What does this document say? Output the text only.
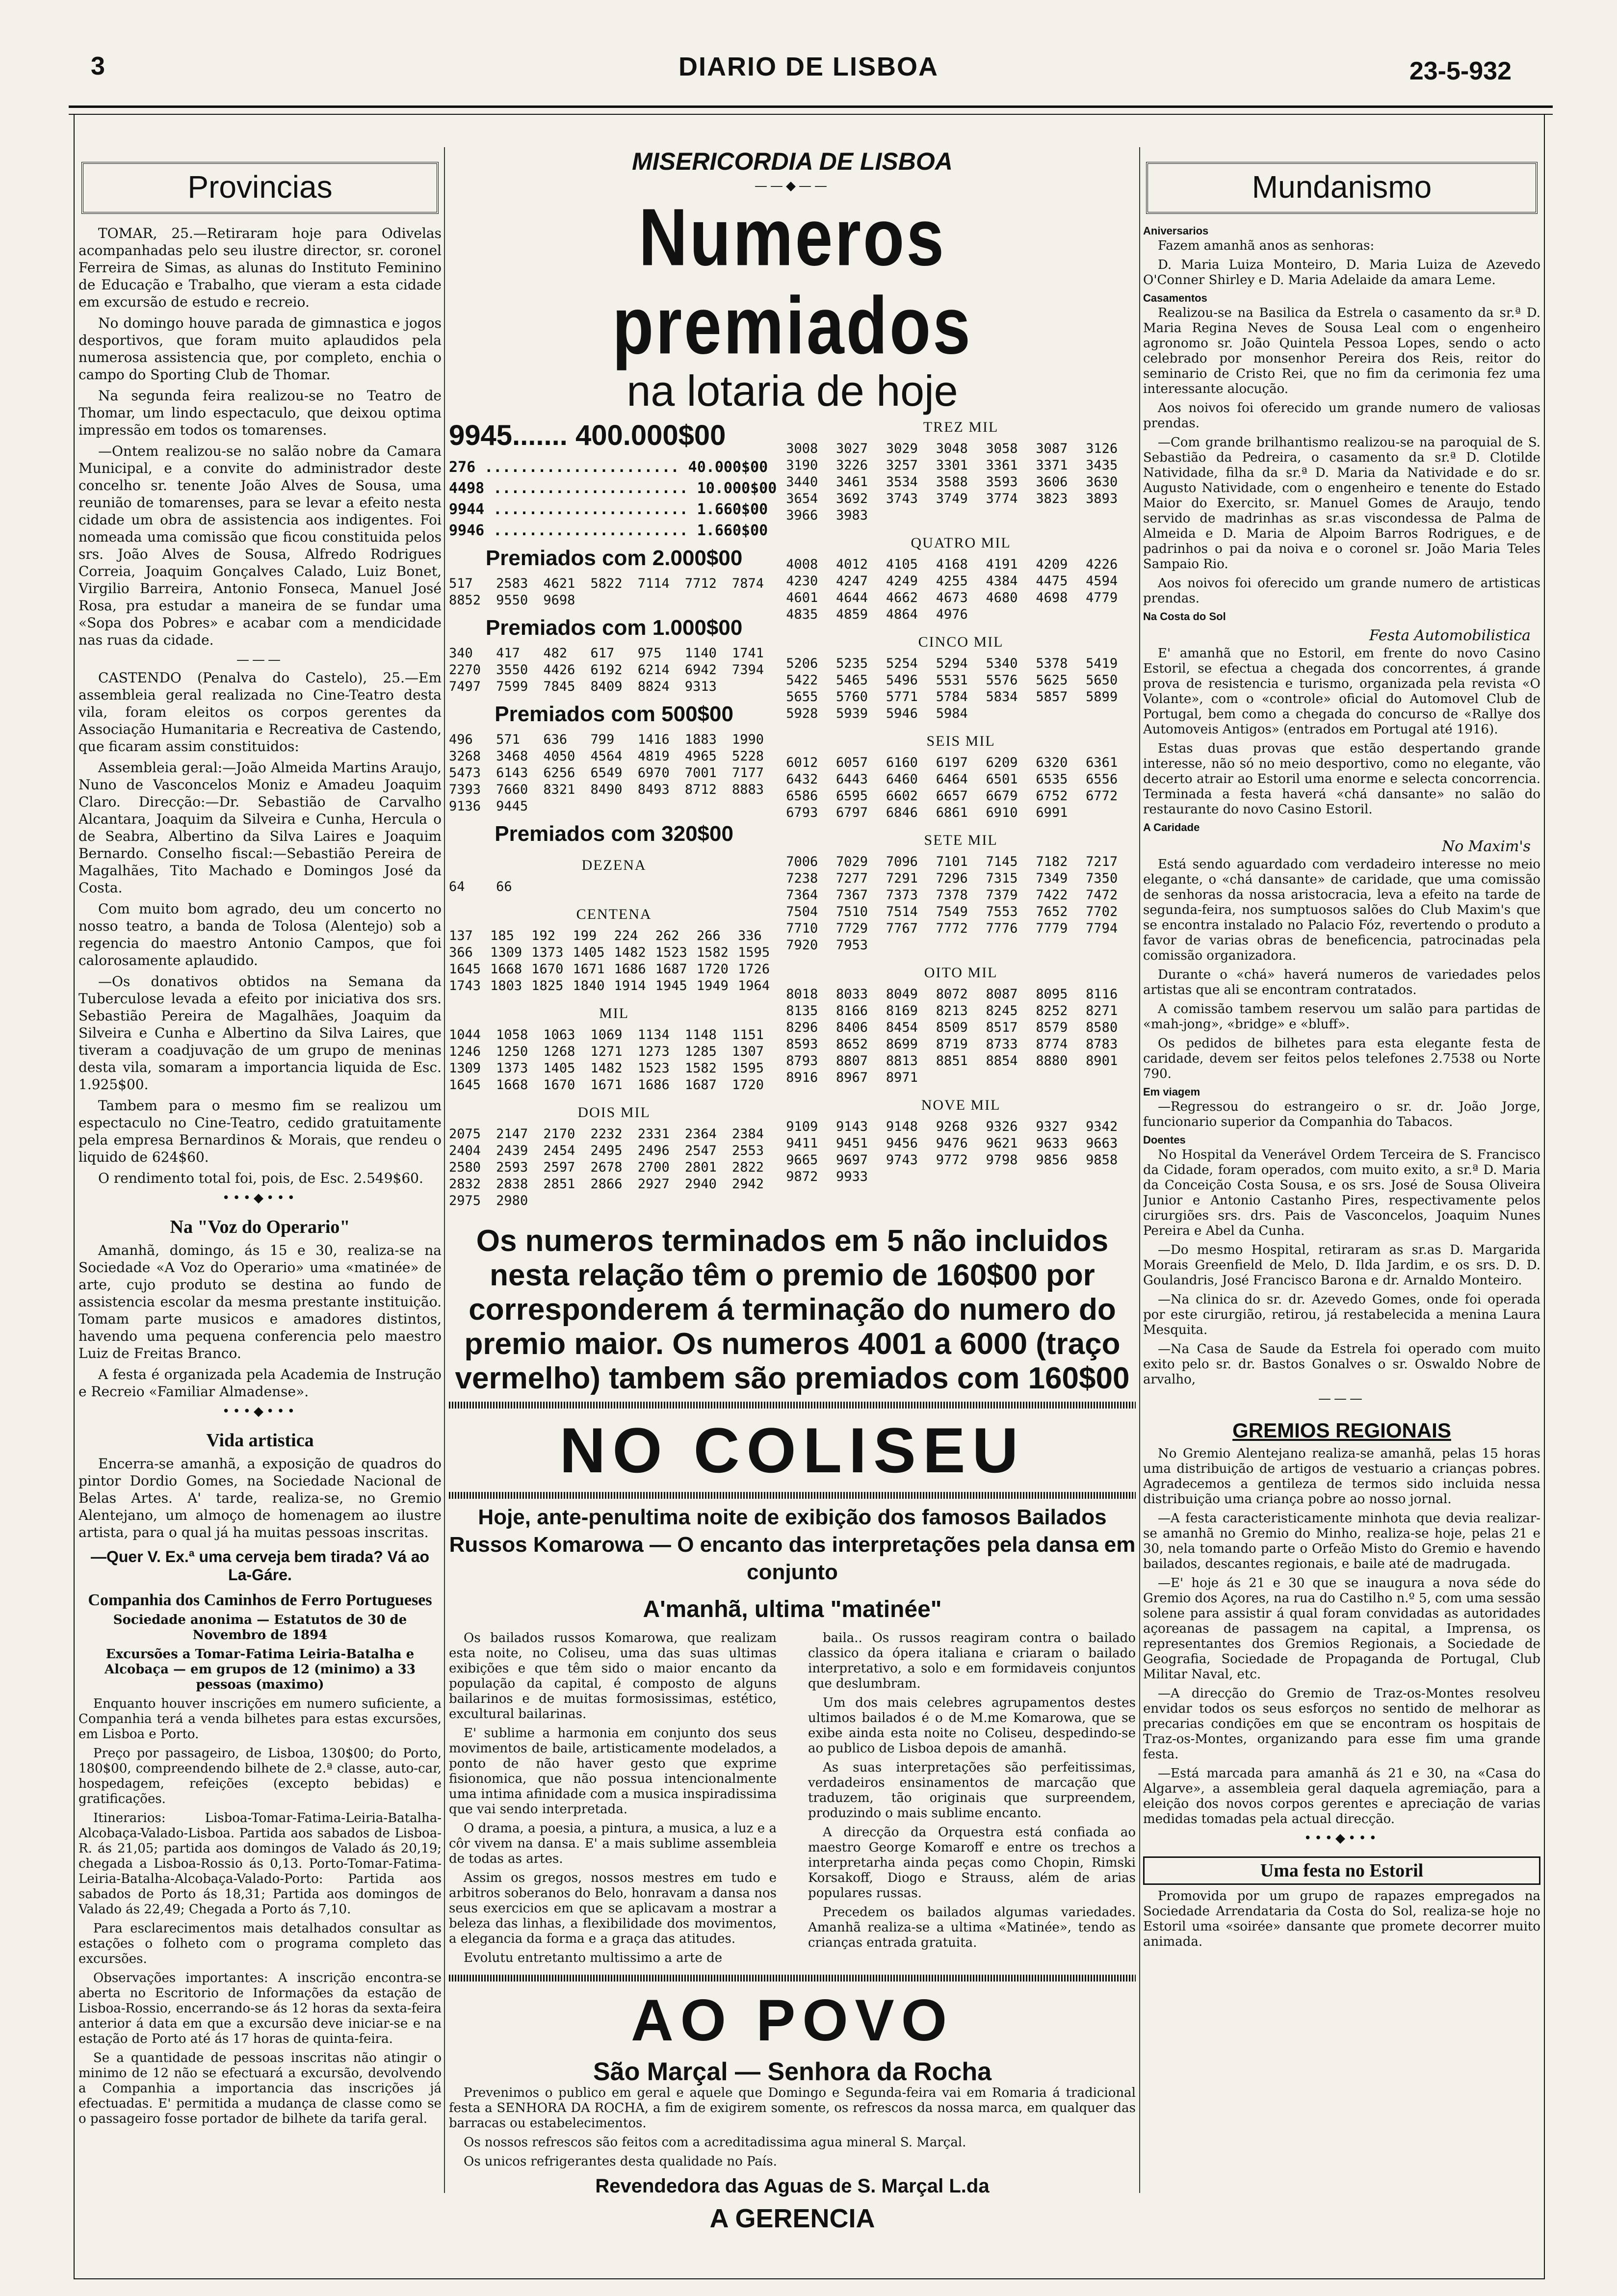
3	DIARIO DE LISBOA	23-5-932
Provincias

TOMAR, 25.—Retiraram hoje para Odivelas acompanhadas pelo seu ilustre director, sr. coronel Ferreira de Simas, as alunas do Instituto Feminino de Educação e Trabalho, que vieram a esta cidade em excursão de estudo e recreio.

No domingo houve parada de gimnastica e jogos desportivos, que foram muito aplaudidos pela numerosa assistencia que, por completo, enchia o campo do Sporting Club de Thomar.

Na segunda feira realizou-se no Teatro de Thomar, um lindo espectaculo, que deixou optima impressão em todos os tomarenses.

—Ontem realizou-se no salão nobre da Camara Municipal, e a convite do administrador deste concelho sr. tenente João Alves de Sousa, uma reunião de tomarenses, para se levar a efeito nesta cidade um obra de assistencia aos indigentes. Foi nomeada uma comissão que ficou constituida pelos srs. João Alves de Sousa, Alfredo Rodrigues Correia, Joaquim Gonçalves Calado, Luiz Bonet, Virgilio Barreira, Antonio Fonseca, Manuel José Rosa, pra estudar a maneira de se fundar uma «Sopa dos Pobres» e acabar com a mendicidade nas ruas da cidade.

———

CASTENDO (Penalva do Castelo), 25.—Em assembleia geral realizada no Cine-Teatro desta vila, foram eleitos os corpos gerentes da Associação Humanitaria e Recreativa de Castendo, que ficaram assim constituidos:

Assembleia geral:—João Almeida Martins Araujo, Nuno de Vasconcelos Moniz e Amadeu Joaquim Claro. Direcção:—Dr. Sebastião de Carvalho Alcantara, Joaquim da Silveira e Cunha, Hercula o de Seabra, Albertino da Silva Laires e Joaquim Bernardo. Conselho fiscal:—Sebastião Pereira de Magalhães, Tito Machado e Domingos José da Costa.

Com muito bom agrado, deu um concerto no nosso teatro, a banda de Tolosa (Alentejo) sob a regencia do maestro Antonio Campos, que foi calorosamente aplaudido.

—Os donativos obtidos na Semana da Tuberculose levada a efeito por iniciativa dos srs. Sebastião Pereira de Magalhães, Joaquim da Silveira e Cunha e Albertino da Silva Laires, que tiveram a coadjuvação de um grupo de meninas desta vila, somaram a importancia liquida de Esc. 1.925$00.

Tambem para o mesmo fim se realizou um espectaculo no Cine-Teatro, cedido gratuitamente pela empresa Bernardinos & Morais, que rendeu o liquido de 624$60.

O rendimento total foi, pois, de Esc. 2.549$60.

•••◆•••
Na "Voz do Operario"

Amanhã, domingo, ás 15 e 30, realiza-se na Sociedade «A Voz do Operario» uma «matinée» de arte, cujo produto se destina ao fundo de assistencia escolar da mesma prestante instituição. Tomam parte musicos e amadores distintos, havendo uma pequena conferencia pelo maestro Luiz de Freitas Branco.

A festa é organizada pela Academia de Instrução e Recreio «Familiar Almadense».

•••◆•••
Vida artistica

Encerra-se amanhã, a exposição de quadros do pintor Dordio Gomes, na Sociedade Nacional de Belas Artes. A' tarde, realiza-se, no Gremio Alentejano, um almoço de homenagem ao ilustre artista, para o qual já ha muitas pessoas inscritas.

—Quer V. Ex.ª uma cerveja bem tirada? Vá ao La-Gáre.
Companhia dos Caminhos de Ferro Portugueses

Sociedade anonima — Estatutos de 30 de Novembro de 1894

Excursões a Tomar-Fatima Leiria-Batalha e Alcobaça — em grupos de 12 (minimo) a 33 pessoas (maximo)

Enquanto houver inscrições em numero suficiente, a Companhia terá a venda bilhetes para estas excursões, em Lisboa e Porto.

Preço por passageiro, de Lisboa, 130$00; do Porto, 180$00, compreendendo bilhete de 2.ª classe, auto-car, hospedagem, refeições (excepto bebidas) e gratificações.

Itinerarios: Lisboa-Tomar-Fatima-Leiria-Batalha-Alcobaça-Valado-Lisboa. Partida aos sabados de Lisboa-R. ás 21,05; partida aos domingos de Valado ás 20,19; chegada a Lisboa-Rossio ás 0,13. Porto-Tomar-Fatima-Leiria-Batalha-Alcobaça-Valado-Porto: Partida aos sabados de Porto ás 18,31; Partida aos domingos de Valado ás 22,49; Chegada a Porto ás 7,10.

Para esclarecimentos mais detalhados consultar as estações o folheto com o programa completo das excursões.

Observações importantes: A inscrição encontra-se aberta no Escritorio de Informações da estação de Lisboa-Rossio, encerrando-se ás 12 horas da sexta-feira anterior á data em que a excursão deve iniciar-se e na estação de Porto até ás 17 horas de quinta-feira.

Se a quantidade de pessoas inscritas não atingir o minimo de 12 não se efectuará a excursão, devolvendo a Companhia a importancia das inscrições já efectuadas. E' permitida a mudança de classe como se o passageiro fosse portador de bilhete da tarifa geral.

MISERICORDIA DE LISBOA
——◆——
Numeros premiados
na lotaria de hoje
9945....... 400.000$00
276 ...................... 40.000$00
4498 ...................... 10.000$00
9944 ...................... 1.660$00
9946 ...................... 1.660$00
Premiados com 2.000$00
517	2583	4621	5822	7114	7712	7874
8852	9550	9698
Premiados com 1.000$00
340	417	482	617	975	1140	1741
2270	3550	4426	6192	6214	6942	7394
7497	7599	7845	8409	8824	9313
Premiados com 500$00
496	571	636	799	1416	1883	1990
3268	3468	4050	4564	4819	4965	5228
5473	6143	6256	6549	6970	7001	7177
7393	7660	8321	8490	8493	8712	8883
9136	9445
Premiados com 320$00
DEZENA
64	66
CENTENA
137	185	192	199	224	262	266	336
366	1309 1373 1405 1482 1523 1582 1595
1645 1668 1670 1671 1686 1687 1720 1726
1743 1803 1825 1840 1914 1945 1949 1964
MIL
1044	1058	1063	1069	1134	1148	1151
1246	1250	1268	1271	1273	1285	1307
1309	1373	1405	1482	1523	1582	1595
1645	1668	1670	1671	1686	1687	1720
DOIS MIL
2075	2147	2170	2232	2331	2364	2384
2404	2439	2454	2495	2496	2547	2553
2580	2593	2597	2678	2700	2801	2822
2832	2838	2851	2866	2927	2940	2942
2975	2980
TREZ MIL
3008	3027	3029	3048	3058	3087	3126
3190	3226	3257	3301	3361	3371	3435
3440	3461	3534	3588	3593	3606	3630
3654	3692	3743	3749	3774	3823	3893
3966	3983
QUATRO MIL
4008	4012	4105	4168	4191	4209	4226
4230	4247	4249	4255	4384	4475	4594
4601	4644	4662	4673	4680	4698	4779
4835	4859	4864	4976
CINCO MIL
5206	5235	5254	5294	5340	5378	5419
5422	5465	5496	5531	5576	5625	5650
5655	5760	5771	5784	5834	5857	5899
5928	5939	5946	5984
SEIS MIL
6012	6057	6160	6197	6209	6320	6361
6432	6443	6460	6464	6501	6535	6556
6586	6595	6602	6657	6679	6752	6772
6793	6797	6846	6861	6910	6991
SETE MIL
7006	7029	7096	7101	7145	7182	7217
7238	7277	7291	7296	7315	7349	7350
7364	7367	7373	7378	7379	7422	7472
7504	7510	7514	7549	7553	7652	7702
7710	7729	7767	7772	7776	7779	7794
7920	7953
OITO MIL
8018	8033	8049	8072	8087	8095	8116
8135	8166	8169	8213	8245	8252	8271
8296	8406	8454	8509	8517	8579	8580
8593	8652	8699	8719	8733	8774	8783
8793	8807	8813	8851	8854	8880	8901
8916	8967	8971
NOVE MIL
9109	9143	9148	9268	9326	9327	9342
9411	9451	9456	9476	9621	9633	9663
9665	9697	9743	9772	9798	9856	9858
9872	9933
Os numeros terminados em 5 não incluidos nesta relação têm o premio de 160$00 por corresponderem á terminação do numero do premio maior. Os numeros 4001 a 6000 (traço vermelho) tambem são premiados com 160$00
NO COLISEU
Hoje, ante-penultima noite de exibição dos famosos Bailados Russos Komarowa — O encanto das interpretações pela dansa em conjunto
A'manhã, ultima "matinée"

Os bailados russos Komarowa, que realizam esta noite, no Coliseu, uma das suas ultimas exibições e que têm sido o maior encanto da população da capital, é composto de alguns bailarinos e de muitas formosissimas, estético, excultural bailarinas.

E' sublime a harmonia em conjunto dos seus movimentos de baile, artisticamente modelados, a ponto de não haver gesto que exprime fisionomica, que não possua intencionalmente uma intima afinidade com a musica inspiradissima que vai sendo interpretada.

O drama, a poesia, a pintura, a musica, a luz e a côr vivem na dansa. E' a mais sublime assembleia de todas as artes.

Assim os gregos, nossos mestres em tudo e arbitros soberanos do Belo, honravam a dansa nos seus exercicios em que se aplicavam a mostrar a beleza das linhas, a flexibilidade dos movimentos, a elegancia da forma e a graça das atitudes.

Evolutu entretanto multissimo a arte de

baila.. Os russos reagiram contra o bailado classico da ópera italiana e criaram o bailado interpretativo, a solo e em formidaveis conjuntos que deslumbram.

Um dos mais celebres agrupamentos destes ultimos bailados é o de M.me Komarowa, que se exibe ainda esta noite no Coliseu, despedindo-se ao publico de Lisboa depois de amanhã.

As suas interpretações são perfeitissimas, verdadeiros ensinamentos de marcação que traduzem, tão originais que surpreendem, produzindo o mais sublime encanto.

A direcção da Orquestra está confiada ao maestro George Komaroff e entre os trechos a interpretarha ainda peças como Chopin, Rimski Korsakoff, Diogo e Strauss, além de arias populares russas.

Precedem os bailados algumas variedades. Amanhã realiza-se a ultima «Matinée», tendo as crianças entrada gratuita.

AO POVO
São Marçal — Senhora da Rocha

Prevenimos o publico em geral e aquele que Domingo e Segunda-feira vai em Romaria á tradicional festa a SENHORA DA ROCHA, a fim de exigirem somente, os refrescos da nossa marca, em qualquer das barracas ou estabelecimentos.

Os nossos refrescos são feitos com a acreditadissima agua mineral S. Marçal.

Os unicos refrigerantes desta qualidade no País.

Revendedora das Aguas de S. Marçal L.da
A GERENCIA
Mundanismo
Aniversarios

Fazem amanhã anos as senhoras:

D. Maria Luiza Monteiro, D. Maria Luiza de Azevedo O'Conner Shirley e D. Maria Adelaide da amara Leme.

Casamentos

Realizou-se na Basilica da Estrela o casamento da sr.ª D. Maria Regina Neves de Sousa Leal com o engenheiro agronomo sr. João Quintela Pessoa Lopes, sendo o acto celebrado por monsenhor Pereira dos Reis, reitor do seminario de Cristo Rei, que no fim da cerimonia fez uma interessante alocução.

Aos noivos foi oferecido um grande numero de valiosas prendas.

—Com grande brilhantismo realizou-se na paroquial de S. Sebastião da Pedreira, o casamento da sr.ª D. Clotilde Natividade, filha da sr.ª D. Maria da Natividade e do sr. Augusto Natividade, com o engenheiro e tenente do Estado Maior do Exercito, sr. Manuel Gomes de Araujo, tendo servido de madrinhas as sr.as viscondessa de Palma de Almeida e D. Maria de Alpoim Barros Rodrigues, e de padrinhos o pai da noiva e o coronel sr. João Maria Teles Sampaio Rio.

Aos noivos foi oferecido um grande numero de artisticas prendas.

Na Costa do Sol
Festa Automobilistica

E' amanhã que no Estoril, em frente do novo Casino Estoril, se efectua a chegada dos concorrentes, á grande prova de resistencia e turismo, organizada pela revista «O Volante», com o «controle» oficial do Automovel Club de Portugal, bem como a chegada do concurso de «Rallye dos Automoveis Antigos» (entrados em Portugal até 1916).

Estas duas provas que estão despertando grande interesse, não só no meio desportivo, como no elegante, vão decerto atrair ao Estoril uma enorme e selecta concorrencia. Terminada a festa haverá «chá dansante» no salão do restaurante do novo Casino Estoril.

A Caridade
No Maxim's

Está sendo aguardado com verdadeiro interesse no meio elegante, o «chá dansante» de caridade, que uma comissão de senhoras da nossa aristocracia, leva a efeito na tarde de segunda-feira, nos sumptuosos salões do Club Maxim's que se encontra instalado no Palacio Fóz, revertendo o produto a favor de varias obras de beneficencia, patrocinadas pela comissão organizadora.

Durante o «chá» haverá numeros de variedades pelos artistas que ali se encontram contratados.

A comissão tambem reservou um salão para partidas de «mah-jong», «bridge» e «bluff».

Os pedidos de bilhetes para esta elegante festa de caridade, devem ser feitos pelos telefones 2.7538 ou Norte 790.

Em viagem

—Regressou do estrangeiro o sr. dr. João Jorge, funcionario superior da Companhia do Tabacos.

Doentes

No Hospital da Venerável Ordem Terceira de S. Francisco da Cidade, foram operados, com muito exito, a sr.ª D. Maria da Conceição Costa Sousa, e os srs. José de Sousa Oliveira Junior e Antonio Castanho Pires, respectivamente pelos cirurgiões srs. drs. Pais de Vasconcelos, Joaquim Nunes Pereira e Abel da Cunha.

—Do mesmo Hospital, retiraram as sr.as D. Margarida Morais Greenfield de Melo, D. Ilda Jardim, e os srs. D. D. Goulandris, José Francisco Barona e dr. Arnaldo Monteiro.

—Na clinica do sr. dr. Azevedo Gomes, onde foi operada por este cirurgião, retirou, já restabelecida a menina Laura Mesquita.

—Na Casa de Saude da Estrela foi operado com muito exito pelo sr. dr. Bastos Gonalves o sr. Oswaldo Nobre de arvalho,

———
GREMIOS REGIONAIS

No Gremio Alentejano realiza-se amanhã, pelas 15 horas uma distribuição de artigos de vestuario a crianças pobres. Agradecemos a gentileza de termos sido incluida nessa distribuição uma criança pobre ao nosso jornal.

—A festa caracteristicamente minhota que devia realizar-se amanhã no Gremio do Minho, realiza-se hoje, pelas 21 e 30, nela tomando parte o Orfeão Misto do Gremio e havendo bailados, descantes regionais, e baile até de madrugada.

—E' hoje ás 21 e 30 que se inaugura a nova séde do Gremio dos Açores, na rua do Castilho n.º 5, com uma sessão solene para assistir á qual foram convidadas as autoridades açoreanas de passagem na capital, a Imprensa, os representantes dos Gremios Regionais, a Sociedade de Geografia, Sociedade de Propaganda de Portugal, Club Militar Naval, etc.

—A direcção do Gremio de Traz-os-Montes resolveu envidar todos os seus esforços no sentido de melhorar as precarias condições em que se encontram os hospitais de Traz-os-Montes, organizando para esse fim uma grande festa.

—Está marcada para amanhã ás 21 e 30, na «Casa do Algarve», a assembleia geral daquela agremiação, para a eleição dos novos corpos gerentes e apreciação de varias medidas tomadas pela actual direcção.

•••◆•••
Uma festa no Estoril

Promovida por um grupo de rapazes empregados na Sociedade Arrendataria da Costa do Sol, realiza-se hoje no Estoril uma «soirée» dansante que promete decorrer muito animada.
